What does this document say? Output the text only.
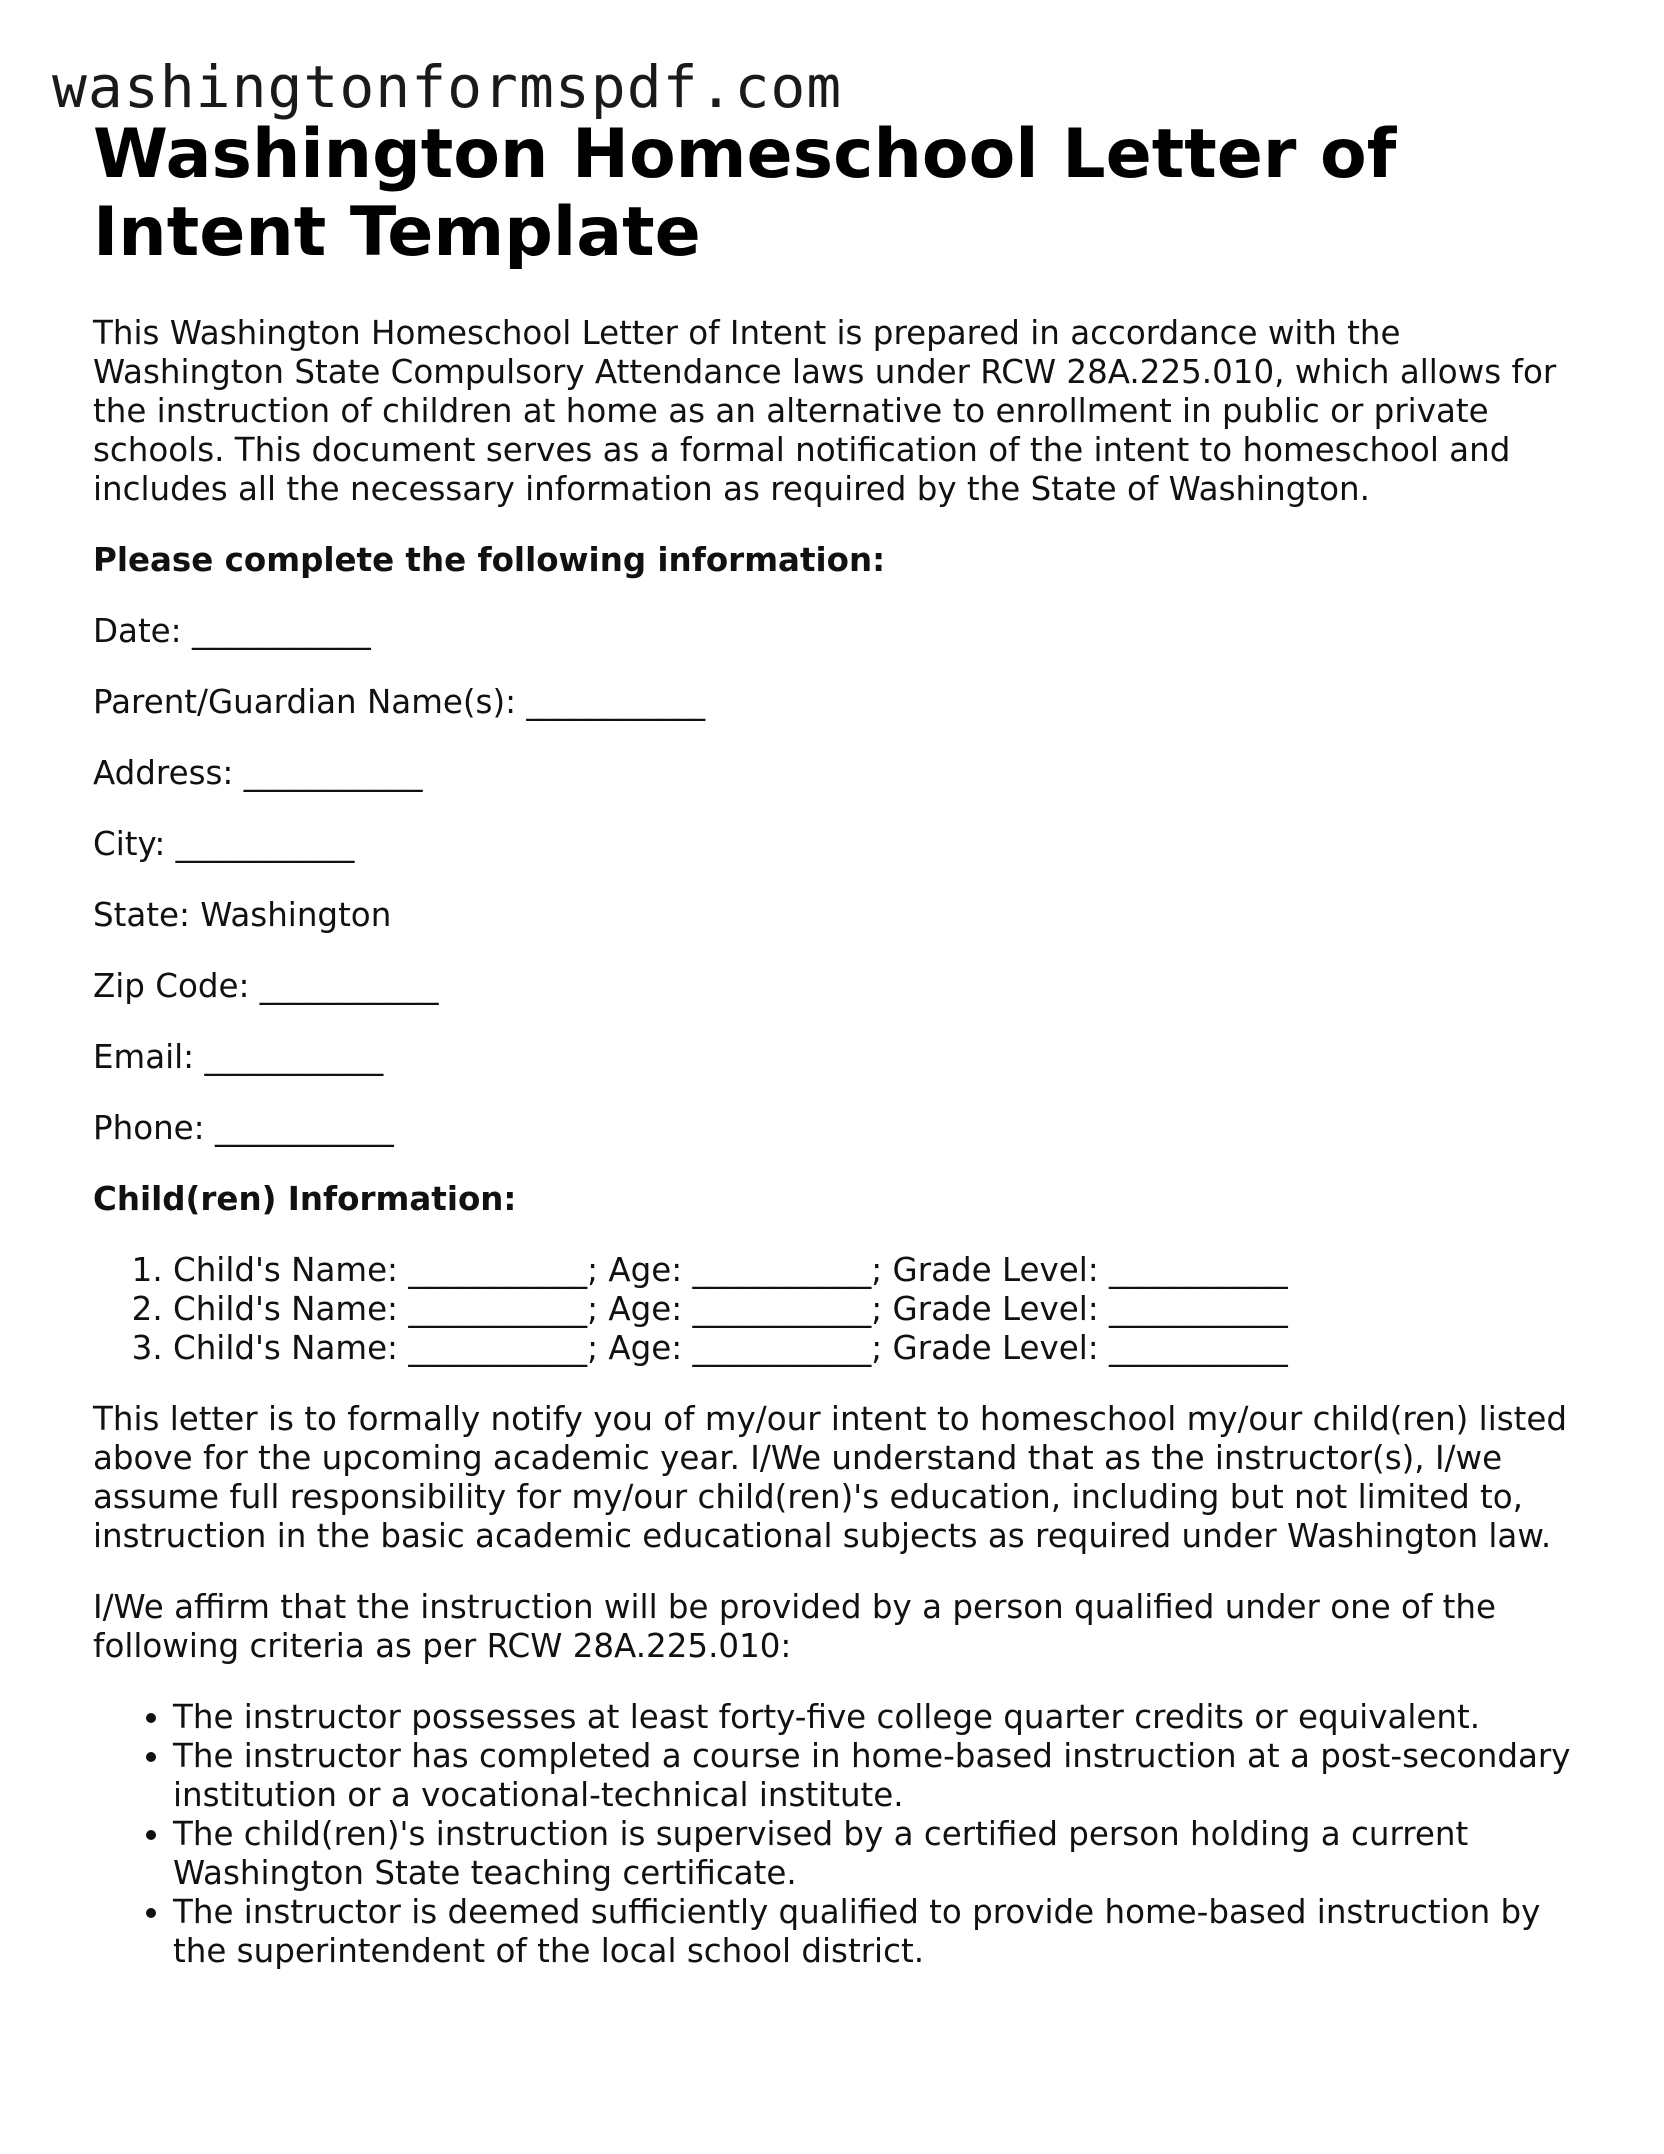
washingtonformspdf.com
Washington Homeschool Letter of Intent Template

This Washington Homeschool Letter of Intent is prepared in accordance with the Washington State Compulsory Attendance laws under RCW 28A.225.010, which allows for the instruction of children at home as an alternative to enrollment in public or private schools. This document serves as a formal notification of the intent to homeschool and includes all the necessary information as required by the State of Washington.

Please complete the following information:

Date: ___________

Parent/Guardian Name(s): ___________

Address: ___________

City: ___________

State: Washington

Zip Code: ___________

Email: ___________

Phone: ___________

Child(ren) Information:

1. Child's Name: ___________; Age: ___________; Grade Level: ___________
2. Child's Name: ___________; Age: ___________; Grade Level: ___________
3. Child's Name: ___________; Age: ___________; Grade Level: ___________

This letter is to formally notify you of my/our intent to homeschool my/our child(ren) listed above for the upcoming academic year. I/We understand that as the instructor(s), I/we assume full responsibility for my/our child(ren)'s education, including but not limited to, instruction in the basic academic educational subjects as required under Washington law.

I/We affirm that the instruction will be provided by a person qualified under one of the following criteria as per RCW 28A.225.010:

• The instructor possesses at least forty-five college quarter credits or equivalent.
• The instructor has completed a course in home-based instruction at a post-secondary institution or a vocational-technical institute.
• The child(ren)'s instruction is supervised by a certified person holding a current Washington State teaching certificate.
• The instructor is deemed sufficiently qualified to provide home-based instruction by the superintendent of the local school district.
